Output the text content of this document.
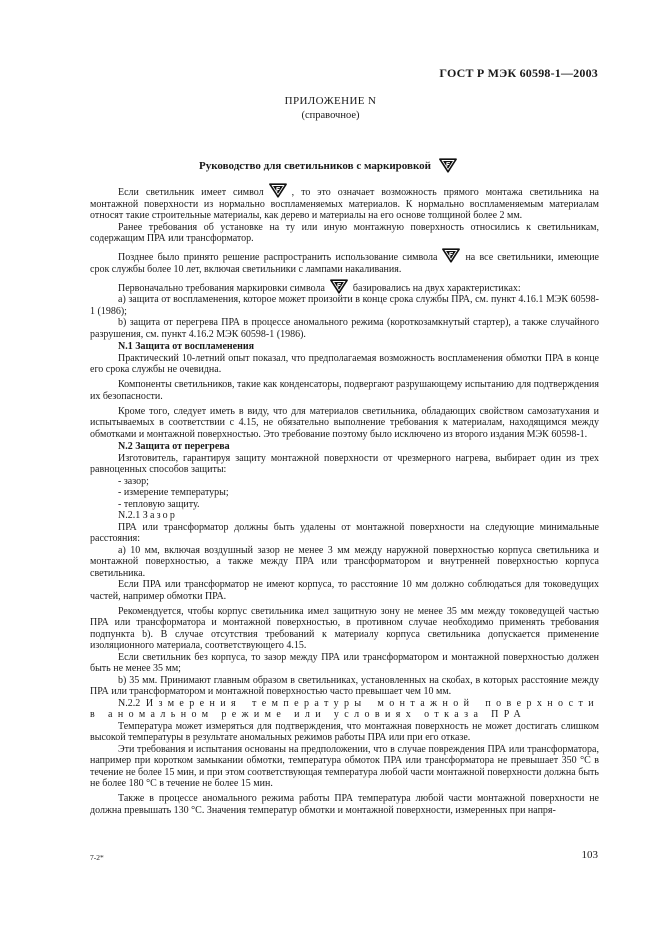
ГОСТ Р МЭК 60598-1—2003
ПРИЛОЖЕНИЕ N
(справочное)
Руководство для светильников с маркировкой

Если светильник имеет символ	, то это означает возможность прямого монтажа светильника на монтажной поверхности из нормально воспламеняемых материалов. К нормально воспламеняемым материалам относят такие строительные материалы, как дерево и материалы на его основе толщиной более 2 мм.

Ранее требования об установке на ту или иную монтажную поверхность относились к светильникам, содержащим ПРА или трансформатор.

Позднее было принято решение распространить использование символа	на все светильники, имеющие срок службы более 10 лет, включая светильники с лампами накаливания.

Первоначально требования маркировки символа	базировались на двух характеристиках:

а) защита от воспламенения, которое может произойти в конце срока службы ПРА, см. пункт 4.16.1 МЭК 60598-1 (1986);

b) защита от перегрева ПРА в процессе аномального режима (короткозамкнутый стартер), а также случайного разрушения, см. пункт 4.16.2 МЭК 60598-1 (1986).

N.1 Защита от воспламенения

Практический 10-летний опыт показал, что предполагаемая возможность воспламенения обмотки ПРА в конце его срока службы не очевидна.

Компоненты светильников, такие как конденсаторы, подвергают разрушающему испытанию для подтверждения их безопасности.

Кроме того, следует иметь в виду, что для материалов светильника, обладающих свойством самозатухания и испытываемых в соответствии с 4.15, не обязательно выполнение требования к материалам, находящимся между обмотками и монтажной поверхностью. Это требование поэтому было исключено из второго издания МЭК 60598-1.

N.2 Защита от перегрева

Изготовитель, гарантируя защиту монтажной поверхности от чрезмерного нагрева, выбирает один из трех равноценных способов защиты:

- зазор;

- измерение температуры;

- тепловую защиту.

N.2.1 Зазор

ПРА или трансформатор должны быть удалены от монтажной поверхности на следующие минимальные расстояния:

а) 10 мм, включая воздушный зазор не менее 3 мм между наружной поверхностью корпуса светильника и монтажной поверхностью, а также между ПРА или трансформатором и внутренней поверхностью корпуса светильника.

Если ПРА или трансформатор не имеют корпуса, то расстояние 10 мм должно соблюдаться для токоведущих частей, например обмотки ПРА.

Рекомендуется, чтобы корпус светильника имел защитную зону не менее 35 мм между токоведущей частью ПРА или трансформатора и монтажной поверхностью, в противном случае необходимо применять требования подпункта b). В случае отсутствия требований к материалу корпуса светильника допускается применение изоляционного материала, соответствующего 4.15.

Если светильник без корпуса, то зазор между ПРА или трансформатором и монтажной поверхностью должен быть не менее 35 мм;

b) 35 мм. Принимают главным образом в светильниках, установленных на скобах, в которых расстояние между ПРА или трансформатором и монтажной поверхностью часто превышает чем 10 мм.

N.2.2 Измерения температуры монтажной поверхности в аномальном режиме или условиях отказа ПРА

Температура может измеряться для подтверждения, что монтажная поверхность не может достигать слишком высокой температуры в результате аномальных режимов работы ПРА или при его отказе.

Эти требования и испытания основаны на предположении, что в случае повреждения ПРА или трансформатора, например при коротком замыкании обмотки, температура обмоток ПРА или трансформатора не превышает 350 °С в течение не более 15 мин, и при этом соответствующая температура любой части монтажной поверхности должна быть не более 180 °С в течение не более 15 мин.

Также в процессе аномального режима работы ПРА температура любой части монтажной поверхности не должна превышать 130 °С. Значения температур обмотки и монтажной поверхности, измеренных при напря-

7-2*	103
